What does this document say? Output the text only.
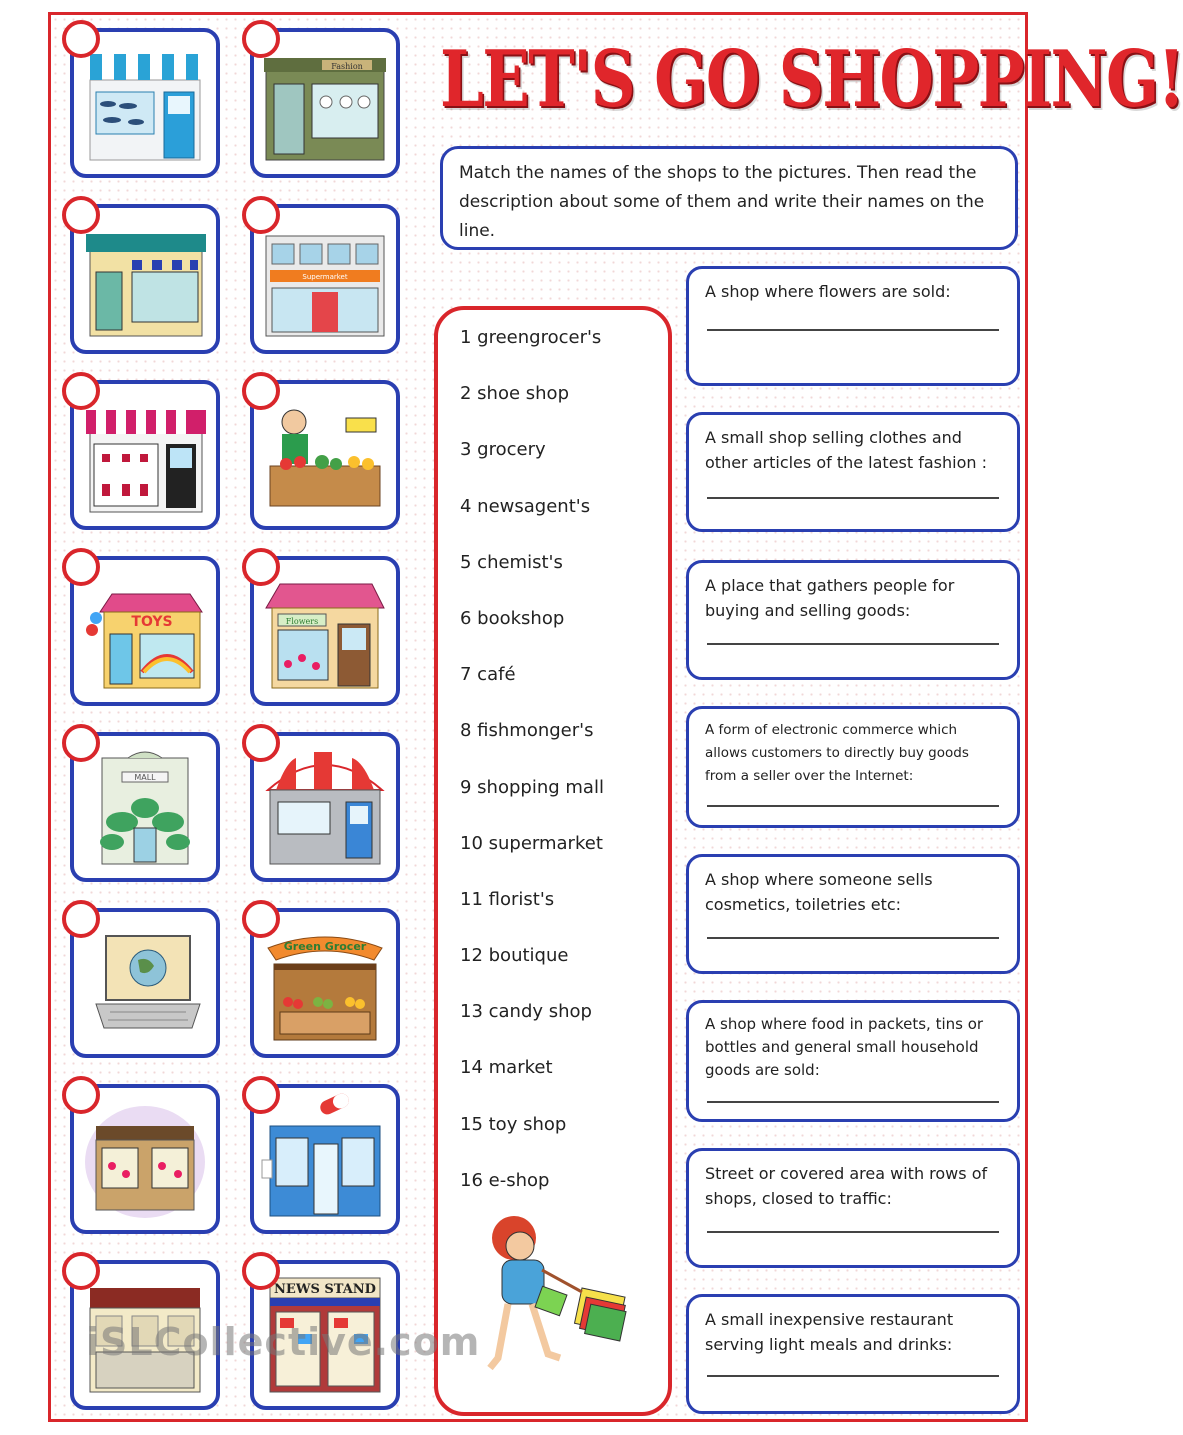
Fashion
Supermarket
TOYS	Flowers
MALL
Green Grocer
NEWS STAND
iSLCollective.com
LET'S GO SHOPPING!
Match the names of the shops to the pictures. Then read the description about some of them and write their names on the line.
1 greengrocer's
2 shoe shop
3 grocery
4 newsagent's
5 chemist's
6 bookshop
7 café
8 fishmonger's
9 shopping mall
10 supermarket
11 florist's
12 boutique
13 candy shop
14 market
15 toy shop
16 e-shop
A shop where flowers are sold:
A small shop selling clothes and other articles of the latest fashion :
A place that gathers people for buying and selling goods:
A form of electronic commerce which allows customers to directly buy goods from a seller over the Internet:
A shop where someone sells cosmetics, toiletries etc:
A shop where food in packets, tins or bottles and general small household goods are sold:
Street or covered area with rows of shops, closed to traffic:
A small inexpensive restaurant serving light meals and drinks:
